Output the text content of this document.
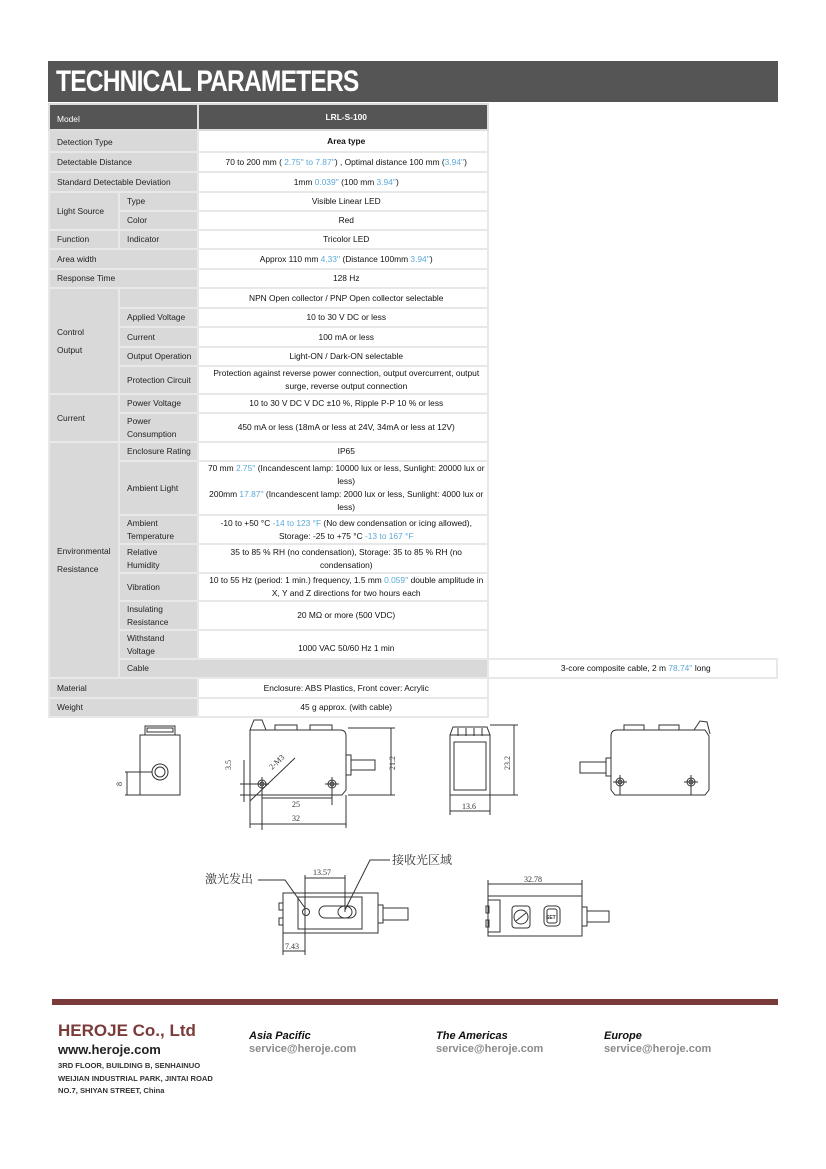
TECHNICAL PARAMETERS
Model		LRL-S-100	
Detection Type		Area type	
Detectable Distance		70 to 200 mm ( 2.75'' to 7.87'') , Optimal distance 100 mm (3.94'')	
Standard Detectable Deviation		1mm 0.039'' (100 mm 3.94'')	
Light Source	Type	Visible Linear LED	
	Color	Red	
Function	Indicator	Tricolor LED	
Area width		Approx 110 mm 4.33'' (Distance 100mm 3.94'')	
Response Time		128 Hz	

Control
Output		NPN Open collector / PNP Open collector selectable	
	Applied Voltage	10 to 30 V DC or less	
	Current	100 mA or less	
	Output Operation	Light-ON / Dark-ON selectable	
	Protection Circuit	Protection against reverse power connection, output overcurrent, output surge, reverse output connection	
Current	Power Voltage	10 to 30 V DC V DC ±10 %, Ripple P-P 10 % or less	

	Power
Consumption	450 mA or less (18mA or less at 24V, 34mA or less at 12V)	

Environmental
Resistance	Enclosure Rating	IP65	
	Ambient Light	70 mm 2.75'' (Incandescent lamp: 10000 lux or less, Sunlight: 20000 lux or less)
200mm 17.87'' (Incandescent lamp: 2000 lux or less, Sunlight: 4000 lux or less)	

	Ambient
Temperature	-10 to +50 °C -14 to 123 °F (No dew condensation or icing allowed), Storage: -25 to +75 °C -13 to 167 °F	

	Relative
Humidity	35 to 85 % RH (no condensation), Storage: 35 to 85 % RH (no condensation)	
	Vibration	10 to 55 Hz (period: 1 min.) frequency, 1.5 mm 0.059'' double amplitude in X, Y and Z directions for two hours each	

	Insulating
Resistance	20 MΩ or more (500 VDC)	

	Withstand
Voltage	1000 VAC 50/60 Hz 1 min	
	Cable		3-core composite cable, 2 m 78.74'' long
Material		Enclosure: ABS Plastics, Front cover: Acrylic	
Weight		45 g approx. (with cable)	
8
3.5	2-M3
25
32
21.2	23.2
13.6
13.57
7.43
32.78
SET
激光发出
接收光区域
HEROJE Co., Ltd
www.heroje.com
3RD FLOOR, BUILDING B, SENHAINUO
WEIJIAN INDUSTRIAL PARK, JINTAI ROAD
NO.7, SHIYAN STREET, China
Asia Pacific
service@heroje.com
The Americas
service@heroje.com
Europe
service@heroje.com
